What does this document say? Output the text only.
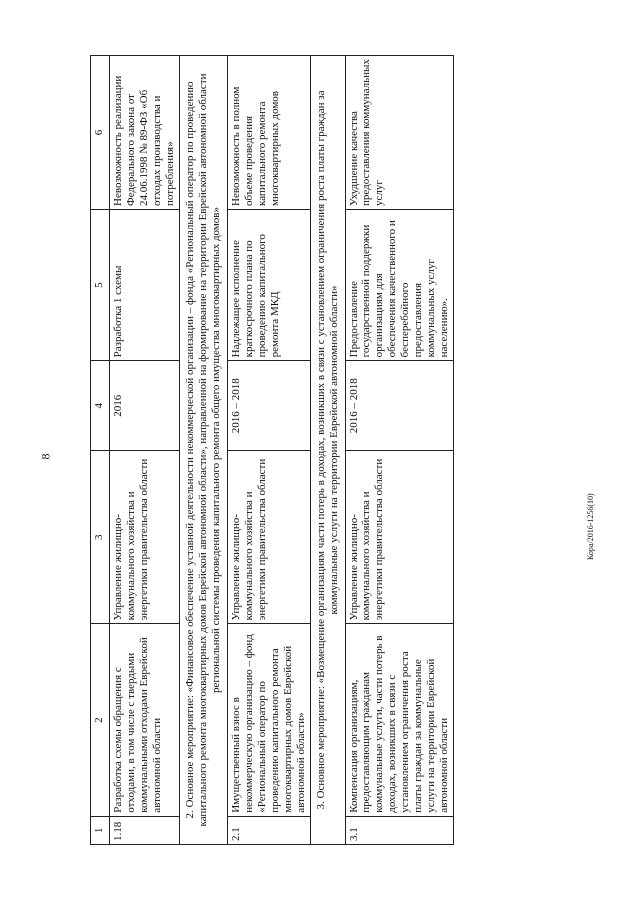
8
1	2	3	4	5	6
1.18	Разработка схемы обращения с отходами, в том числе с твердыми коммунальными отходами Еврейской автономной области	Управление жилищно-коммунального хозяйства и энергетики правительства области	2016	Разработка 1 схемы	Невозможность реализации Федерального закона от 24.06.1998 № 89-ФЗ «Об отходах производства и потребления»
2. Основное мероприятие: «Финансовое обеспечение уставной деятельности некоммерческой организации – фонда «Региональный оператор по проведению капитального ремонта многоквартирных домов Еврейской автономной области», направленной на формирование на территории Еврейской автономной области региональной системы проведения капитального ремонта общего имущества многоквартирных домов»					
2.1	Имущественный взнос в некоммерческую организацию – фонд «Региональный оператор по проведению капитального ремонта многоквартирных домов Еврейской автономной области»	Управление жилищно-коммунального хозяйства и энергетики правительства области	2016 – 2018	Надлежащее исполнение краткосрочного плана по проведению капитального ремонта МКД	Невозможность в полном объеме проведения капитального ремонта многоквартирных домов
3. Основное мероприятие: «Возмещение организациям части потерь в доходах, возникших в связи с установлением ограничения роста платы граждан за коммунальные услуги на территории Еврейской автономной области»					
3.1	Компенсация организациям, предоставляющим гражданам коммунальные услуги, части потерь в доходах, возникших в связи с установлением ограничения роста платы граждан за коммунальные услуги на территории Еврейской автономной области	Управление жилищно-коммунального хозяйства и энергетики правительства области	2016 – 2018	Предоставление государственной поддержки организациям для обеспечения качественного и бесперебойного предоставления коммунальных услуг населению».	Ухудшение качества предоставления коммунальных услуг
Кора/2016-1256(10)
